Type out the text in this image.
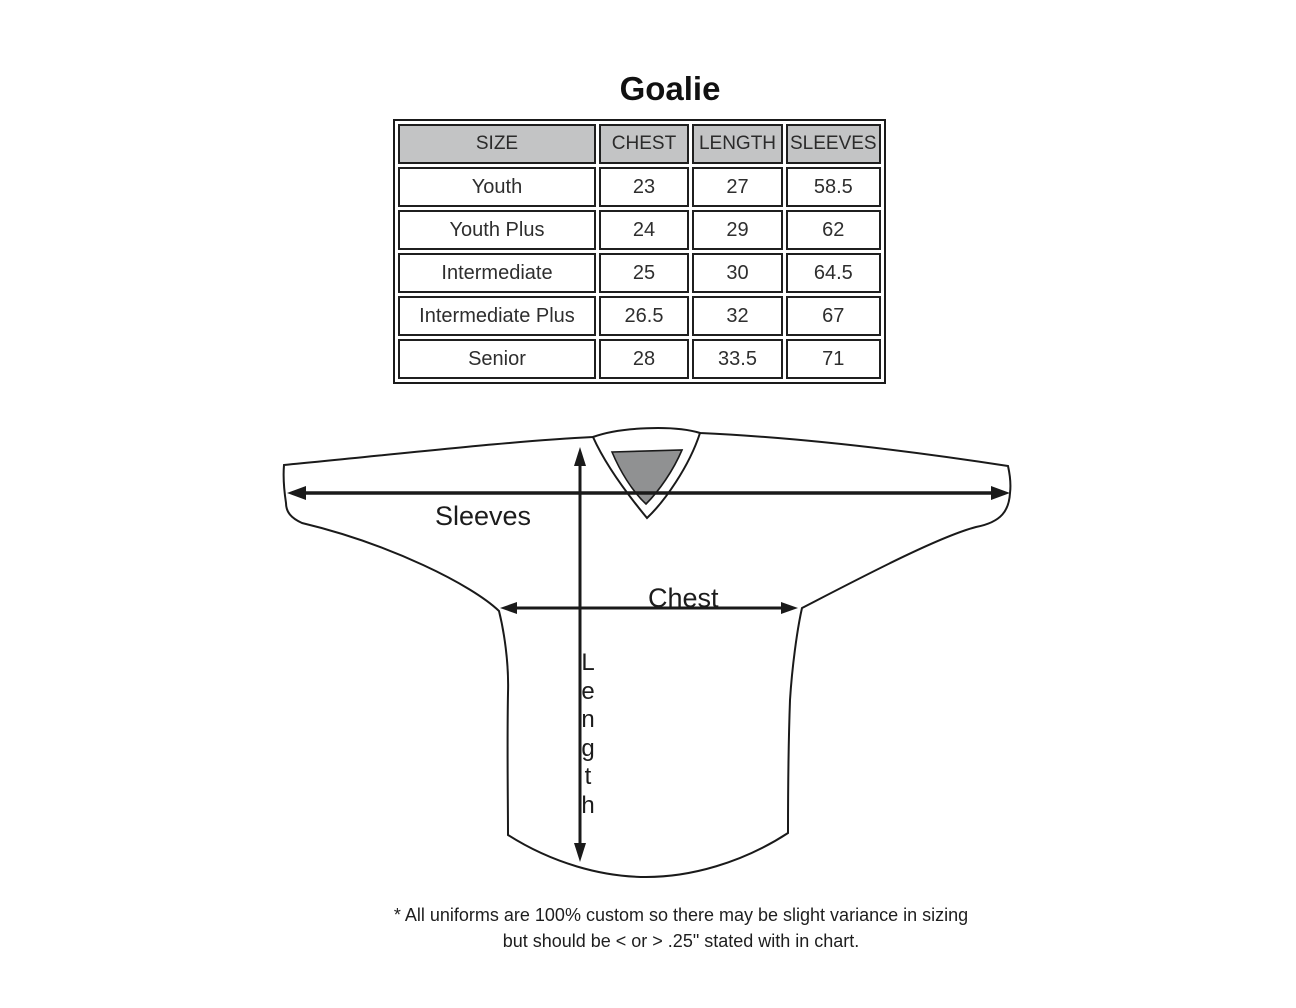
Goalie
SIZE	CHEST	LENGTH	SLEEVES
Youth	23	27	58.5
Youth Plus	24	29	62
Intermediate	25	30	64.5
Intermediate Plus	26.5	32	67
Senior	28	33.5	71
Sleeves
Chest
Length
* All uniforms are 100% custom so there may be slight variance in sizing
but should be < or > .25" stated with in chart.
